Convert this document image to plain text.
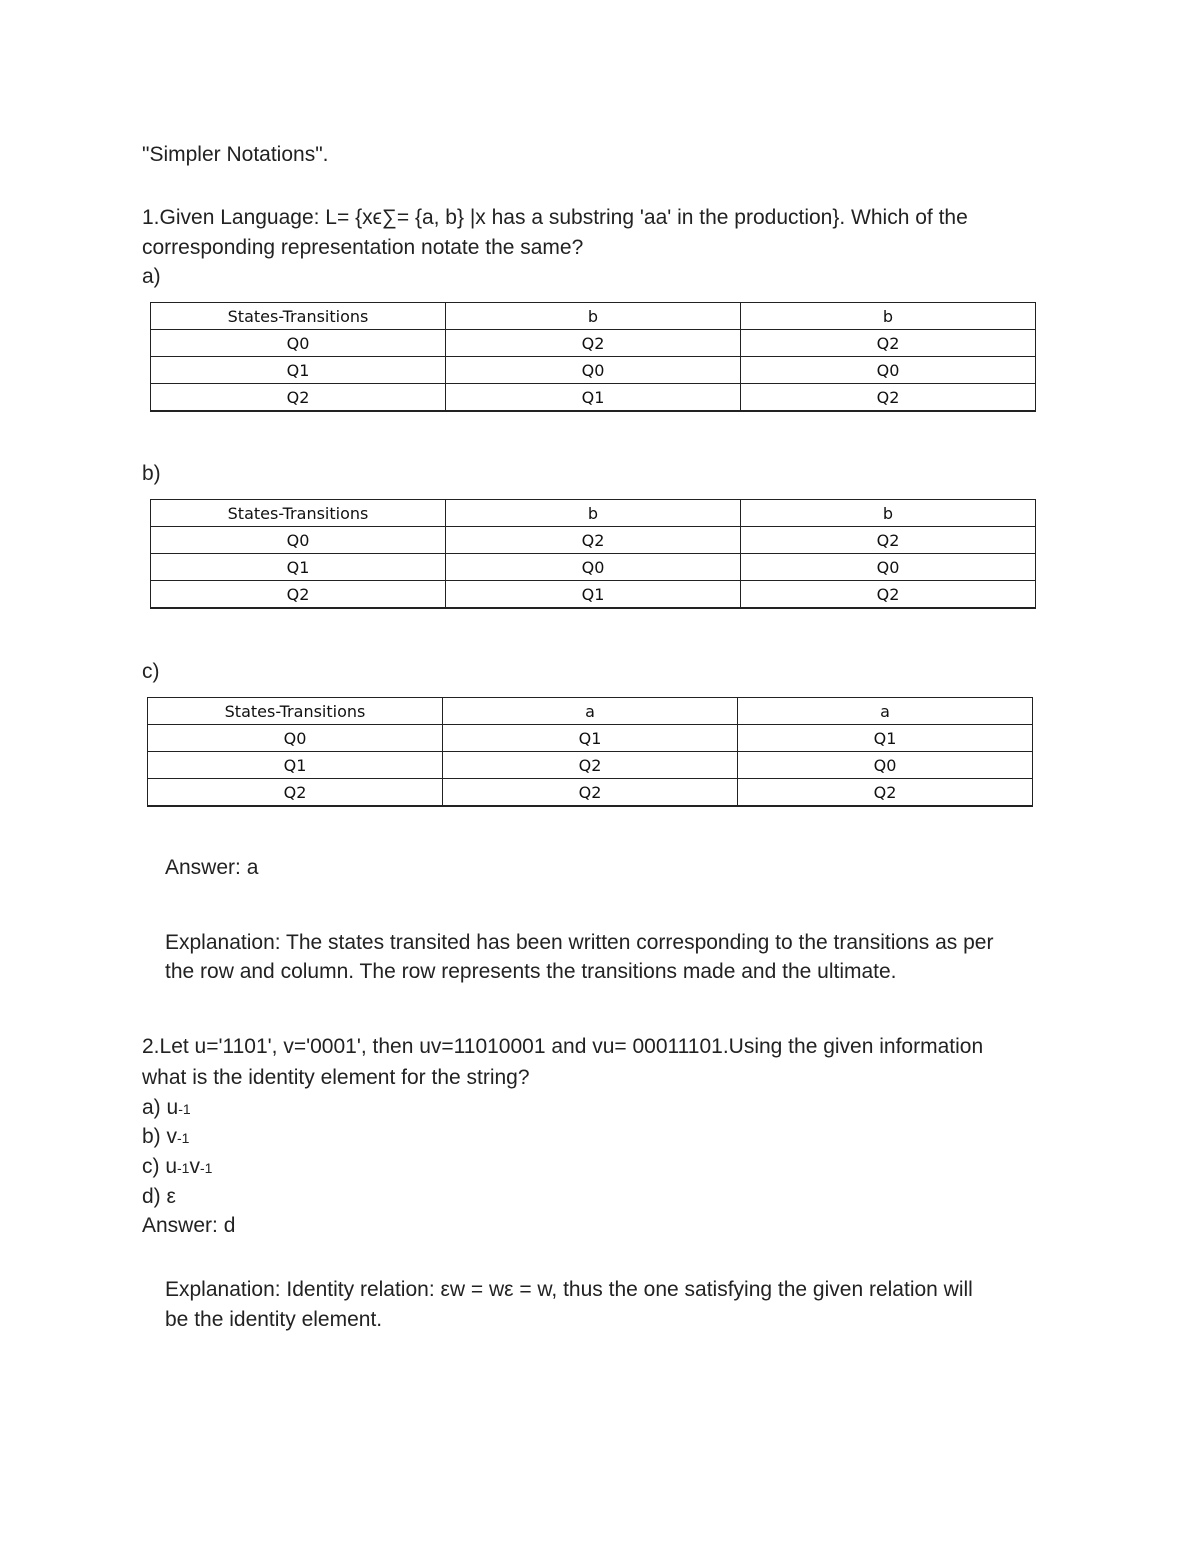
"Simpler Notations".
1.Given Language: L= {xϵ∑= {a, b} |x has a substring 'aa' in the production}. Which of the
corresponding representation notate the same?
a)
States-Transitions	b	b
Q0	Q2	Q2
Q1	Q0	Q0
Q2	Q1	Q2
b)
States-Transitions	b	b
Q0	Q2	Q2
Q1	Q0	Q0
Q2	Q1	Q2
c)
States-Transitions	a	a
Q0	Q1	Q1
Q1	Q2	Q0
Q2	Q2	Q2
Answer: a
Explanation: The states transited has been written corresponding to the transitions as per
the row and column. The row represents the transitions made and the ultimate.
2.Let u='1101', v='0001', then uv=11010001 and vu= 00011101.Using the given information
what is the identity element for the string?
a) u-1
b) v-1
c) u-1v-1
d) ε
Answer: d
Explanation: Identity relation: εw = wε = w, thus the one satisfying the given relation will
be the identity element.
